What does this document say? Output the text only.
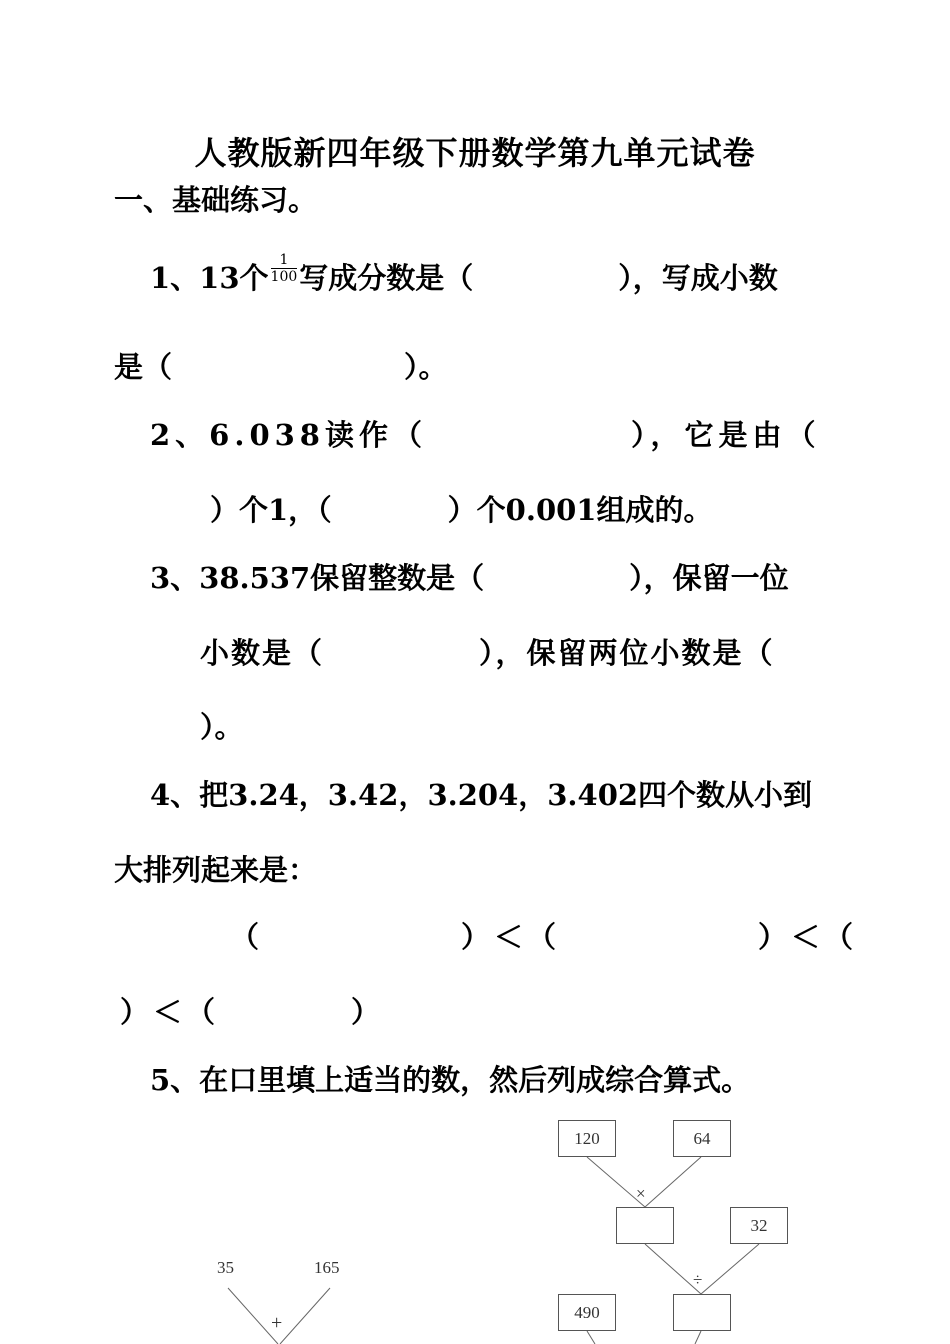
人教版新四年级下册数学第九单元试卷
一、基础练习。
1、13个 $\frac{1}{100}$ 写成分数是（　　　　　），写成小数
是（　　　　　　　　）。
2、6.038读作（　　　　　　），它是由（
）个1，（　　　　）个0.001组成的。
3、38.537保留整数是（　　　　　），保留一位
小数是（　　　　　），保留两位小数是（
）。
4、把3.24，3.42，3.204，3.402四个数从小到
大排列起来是：
（　　　　　　）＜（　　　　　　）＜（
）＜（　　　　）
5、在口里填上适当的数，然后列成综合算式。
120	64
×
32
÷
490
35	165
+
